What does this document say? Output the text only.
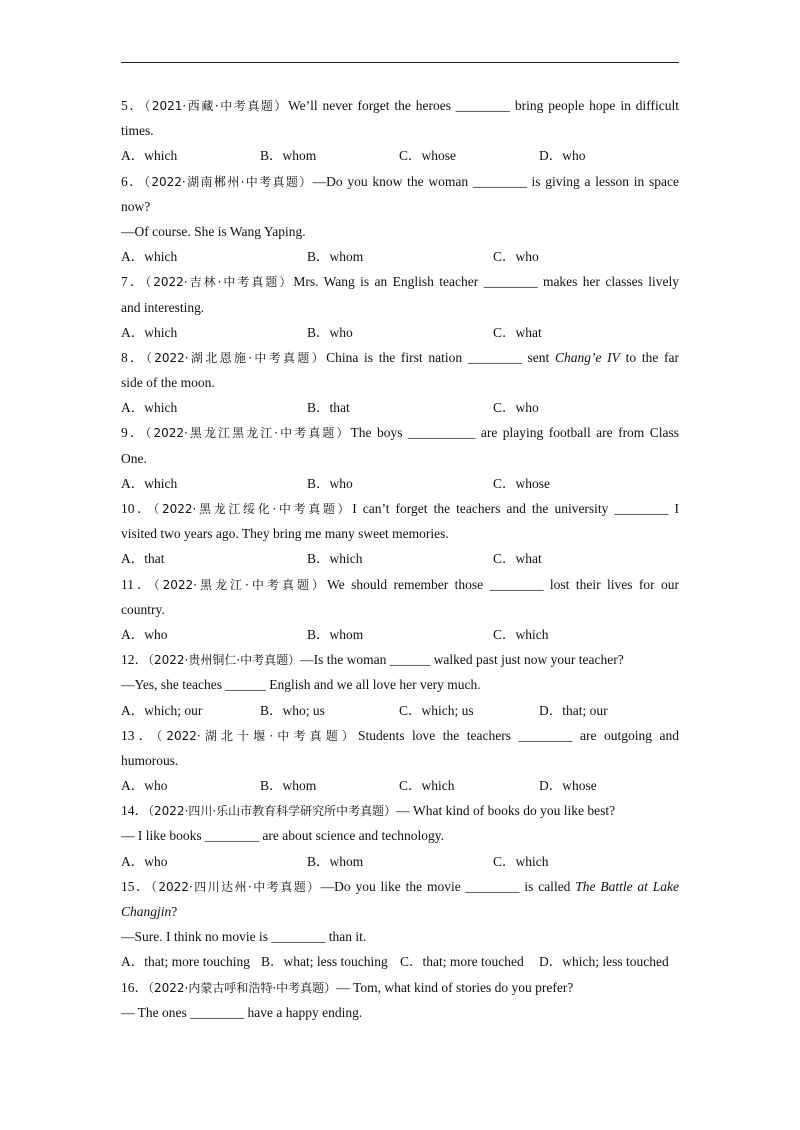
5．（2021·西藏·中考真题）We’ll never forget the heroes ________ bring people hope in difficult
times.
A．which	B．whom	C．whose	D．who
6．（2022·湖南郴州·中考真题）—Do you know the woman ________ is giving a lesson in space
now?
—Of course. She is Wang Yaping.
A．which	B．whom	C．who
7．（2022·吉林·中考真题）Mrs. Wang is an English teacher ________ makes her classes lively
and interesting.
A．which	B．who	C．what
8．（2022·湖北恩施·中考真题）China is the first nation ________ sent Chang’e IV to the far
side of the moon.
A．which	B．that	C．who
9．（2022·黑龙江黑龙江·中考真题）The boys __________ are playing football are from Class
One.
A．which	B．who	C．whose
10．（2022·黑龙江绥化·中考真题）I can’t forget the teachers and the university ________ I
visited two years ago. They bring me many sweet memories.
A．that	B．which	C．what
11．（2022·黑龙江·中考真题）We should remember those ________ lost their lives for our
country.
A．who	B．whom	C．which
12．（2022·贵州铜仁·中考真题）—Is the woman ______ walked past just now your teacher?
—Yes, she teaches ______ English and we all love her very much.
A．which; our	B．who; us	C．which; us	D．that; our
13．（2022·湖北十堰·中考真题）Students love the teachers ________ are outgoing and
humorous.
A．who	B．whom	C．which	D．whose
14．（2022·四川·乐山市教育科学研究所中考真题）— What kind of books do you like best?
— I like books ________ are about science and technology.
A．who	B．whom	C．which
15．（2022·四川达州·中考真题）—Do you like the movie ________ is called The Battle at Lake
Changjin?
—Sure. I think no movie is ________ than it.
A．that; more touching B．what; less touching C．that; more touched D．which; less touched
16．（2022·内蒙古呼和浩特·中考真题）— Tom, what kind of stories do you prefer?
— The ones ________ have a happy ending.
